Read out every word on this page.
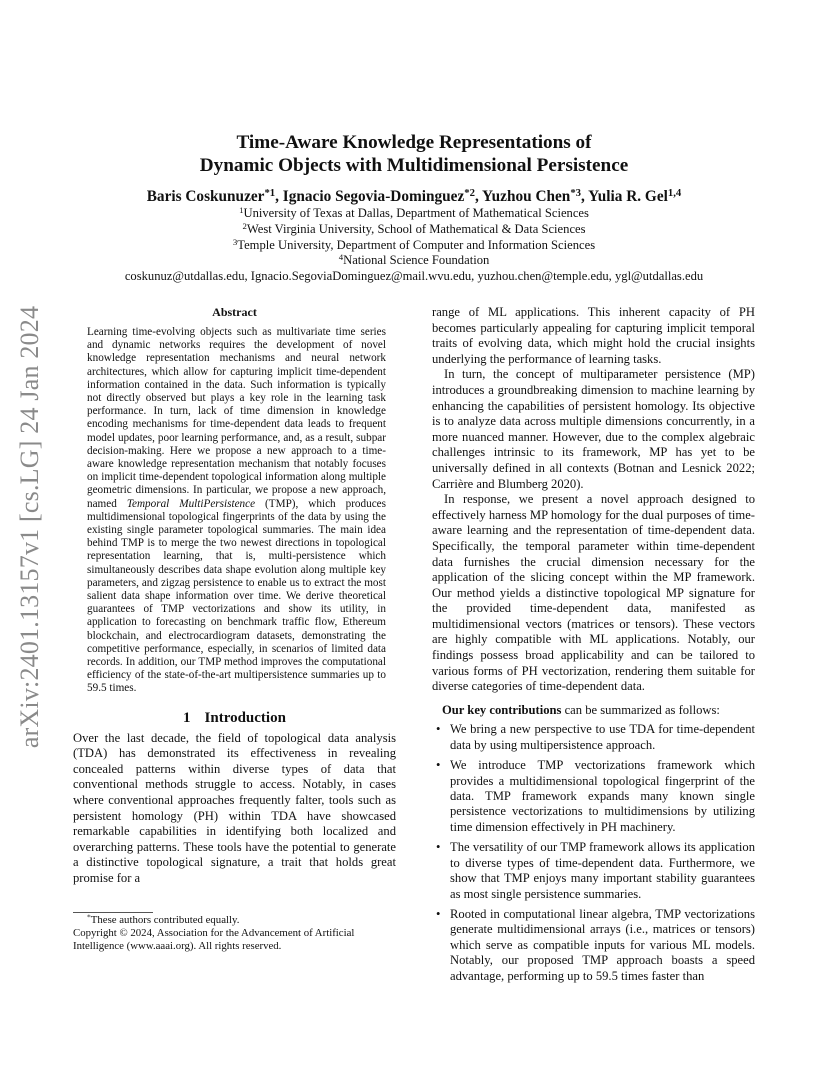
arXiv:2401.13157v1 [cs.LG] 24 Jan 2024
Time-Aware Knowledge Representations of
Dynamic Objects with Multidimensional Persistence
Baris Coskunuzer$^{*1}$, Ignacio Segovia-Dominguez$^{*2}$, Yuzhou Chen$^{*3}$, Yulia R. Gel$^{1,4}$
$^1$University of Texas at Dallas, Department of Mathematical Sciences
$^2$West Virginia University, School of Mathematical & Data Sciences
$^3$Temple University, Department of Computer and Information Sciences
$^4$National Science Foundation
coskunuz@utdallas.edu, Ignacio.SegoviaDominguez@mail.wvu.edu, yuzhou.chen@temple.edu, ygl@utdallas.edu
Abstract
Learning time-evolving objects such as multivariate time series and dynamic networks requires the development of novel knowledge representation mechanisms and neural network architectures, which allow for capturing implicit time-dependent information contained in the data. Such information is typically not directly observed but plays a key role in the learning task performance. In turn, lack of time dimension in knowledge encoding mechanisms for time-dependent data leads to frequent model updates, poor learning performance, and, as a result, subpar decision-making. Here we propose a new approach to a time-aware knowledge representation mechanism that notably focuses on implicit time-dependent topological information along multiple geometric dimensions. In particular, we propose a new approach, named Temporal MultiPersistence (TMP), which produces multidimensional topological fingerprints of the data by using the existing single parameter topological summaries. The main idea behind TMP is to merge the two newest directions in topological representation learning, that is, multi-persistence which simultaneously describes data shape evolution along multiple key parameters, and zigzag persistence to enable us to extract the most salient data shape information over time. We derive theoretical guarantees of TMP vectorizations and show its utility, in application to forecasting on benchmark traffic flow, Ethereum blockchain, and electrocardiogram datasets, demonstrating the competitive performance, especially, in scenarios of limited data records. In addition, our TMP method improves the computational efficiency of the state-of-the-art multipersistence summaries up to 59.5 times.
1 Introduction

Over the last decade, the field of topological data analysis (TDA) has demonstrated its effectiveness in revealing concealed patterns within diverse types of data that conventional methods struggle to access. Notably, in cases where conventional approaches frequently falter, tools such as persistent homology (PH) within TDA have showcased remarkable capabilities in identifying both localized and overarching patterns. These tools have the potential to generate a distinctive topological signature, a trait that holds great promise for a

*These authors contributed equally.
Copyright © 2024, Association for the Advancement of Artificial Intelligence (www.aaai.org). All rights reserved.

range of ML applications. This inherent capacity of PH becomes particularly appealing for capturing implicit temporal traits of evolving data, which might hold the crucial insights underlying the performance of learning tasks.

In turn, the concept of multiparameter persistence (MP) introduces a groundbreaking dimension to machine learning by enhancing the capabilities of persistent homology. Its objective is to analyze data across multiple dimensions concurrently, in a more nuanced manner. However, due to the complex algebraic challenges intrinsic to its framework, MP has yet to be universally defined in all contexts (Botnan and Lesnick 2022; Carrière and Blumberg 2020).

In response, we present a novel approach designed to effectively harness MP homology for the dual purposes of time-aware learning and the representation of time-dependent data. Specifically, the temporal parameter within time-dependent data furnishes the crucial dimension necessary for the application of the slicing concept within the MP framework. Our method yields a distinctive topological MP signature for the provided time-dependent data, manifested as multidimensional vectors (matrices or tensors). These vectors are highly compatible with ML applications. Notably, our findings possess broad applicability and can be tailored to various forms of PH vectorization, rendering them suitable for diverse categories of time-dependent data.

Our key contributions can be summarized as follows:
• We bring a new perspective to use TDA for time-dependent data by using multipersistence approach.
• We introduce TMP vectorizations framework which provides a multidimensional topological fingerprint of the data. TMP framework expands many known single persistence vectorizations to multidimensions by utilizing time dimension effectively in PH machinery.
• The versatility of our TMP framework allows its application to diverse types of time-dependent data. Furthermore, we show that TMP enjoys many important stability guarantees as most single persistence summaries.
• Rooted in computational linear algebra, TMP vectorizations generate multidimensional arrays (i.e., matrices or tensors) which serve as compatible inputs for various ML models. Notably, our proposed TMP approach boasts a speed advantage, performing up to 59.5 times faster than
